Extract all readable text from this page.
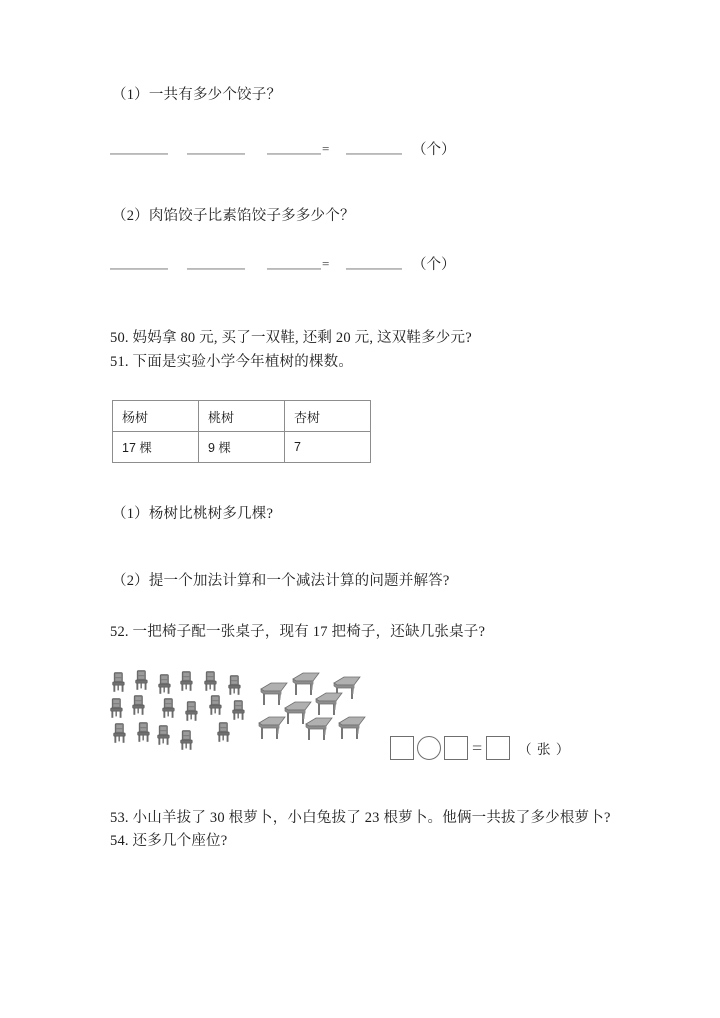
（1）一共有多少个饺子？
=	（个）
（2）肉馅饺子比素馅饺子多多少个？
=	（个）
50. 妈妈拿 80 元, 买了一双鞋, 还剩 20 元, 这双鞋多少元?
51. 下面是实验小学今年植树的棵数。
杨树	桃树	杏树
17 棵	9 棵	7
（1）杨树比桃树多几棵?
（2）提一个加法计算和一个减法计算的问题并解答?
52. 一把椅子配一张桌子，现有 17 把椅子，还缺几张桌子?
=	（ 张 ）
53. 小山羊拔了 30 根萝卜，小白兔拔了 23 根萝卜。他俩一共拔了多少根萝卜?
54. 还多几个座位?
